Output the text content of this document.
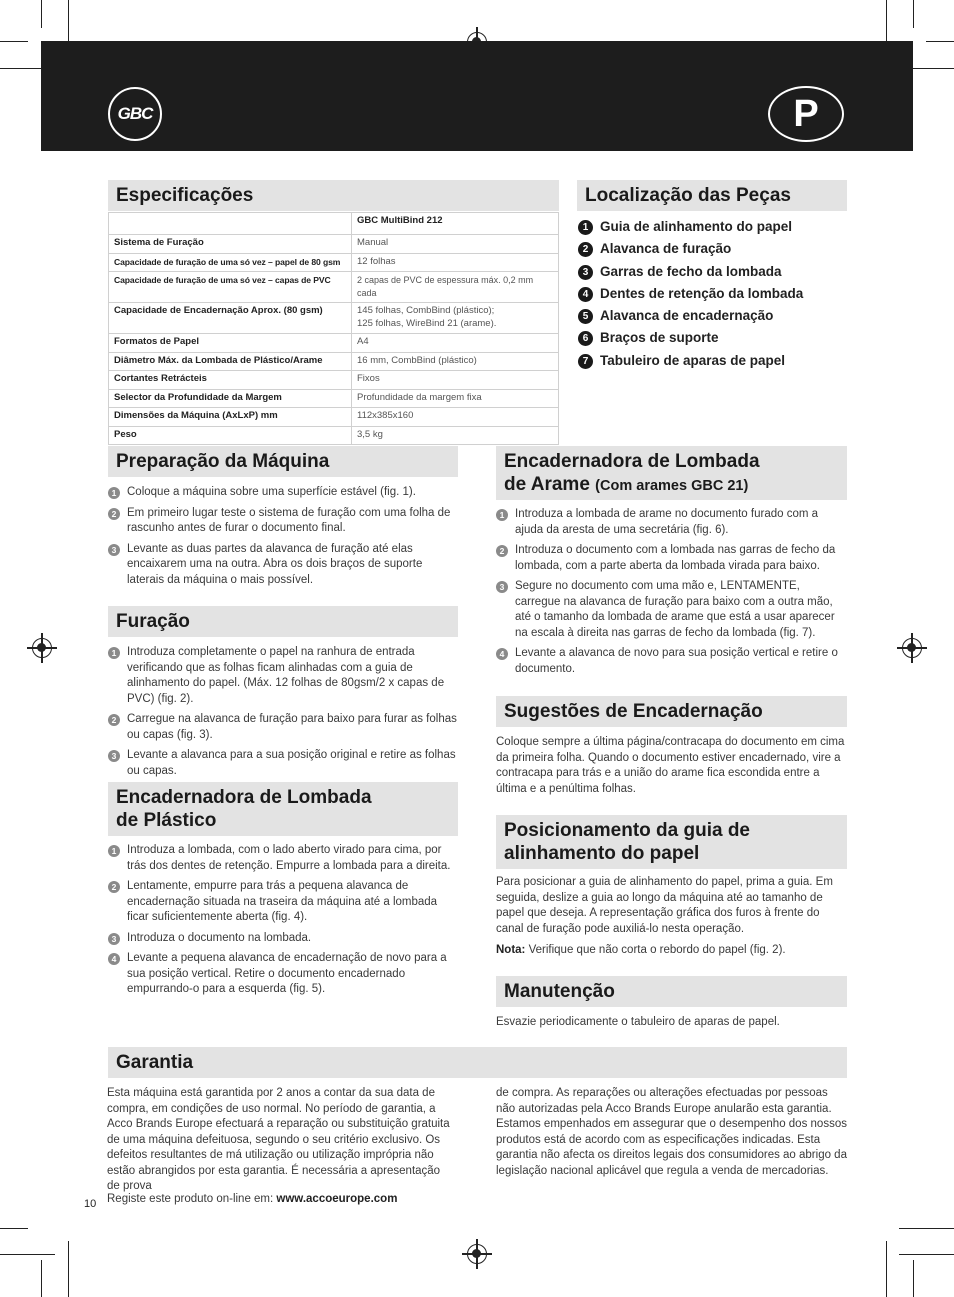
GBC	P
Especificações
	GBC MultiBind 212
Sistema de Furação	Manual
Capacidade de furação de uma só vez – papel de 80 gsm	12 folhas
Capacidade de furação de uma só vez – capas de PVC	2 capas de PVC de espessura máx. 0,2 mm cada
Capacidade de Encadernação Aprox. (80 gsm)	145 folhas, CombBind (plástico);
125 folhas, WireBind 21 (arame).

Formatos de Papel	A4
Diâmetro Máx. da Lombada de Plástico/Arame	16 mm, CombBind (plástico)
Cortantes Retrácteis	Fixos
Selector da Profundidade da Margem	Profundidade da margem fixa
Dimensões da Máquina (AxLxP) mm	112x385x160
Peso	3,5 kg
Localização das Peças
1 Guia de alinhamento do papel
2 Alavanca de furação
3 Garras de fecho da lombada
4 Dentes de retenção da lombada
5 Alavanca de encadernação
6 Braços de suporte
7 Tabuleiro de aparas de papel
Preparação da Máquina
1 Coloque a máquina sobre uma superfície estável (fig. 1).
2 Em primeiro lugar teste o sistema de furação com uma folha de rascunho antes de furar o documento final.
3 Levante as duas partes da alavanca de furação até elas encaixarem uma na outra. Abra os dois braços de suporte laterais da máquina o mais possível.
Furação
1 Introduza completamente o papel na ranhura de entrada verificando que as folhas ficam alinhadas com a guia de alinhamento do papel. (Máx. 12 folhas de 80gsm/2 x capas de PVC) (fig. 2).
2 Carregue na alavanca de furação para baixo para furar as folhas ou capas (fig. 3).
3 Levante a alavanca para a sua posição original e retire as folhas ou capas.
Encadernadora de Lombada
de Plástico
1 Introduza a lombada, com o lado aberto virado para cima, por trás dos dentes de retenção. Empurre a lombada para a direita.
2 Lentamente, empurre para trás a pequena alavanca de encadernação situada na traseira da máquina até a lombada ficar suficientemente aberta (fig. 4).
3 Introduza o documento na lombada.
4 Levante a pequena alavanca de encadernação de novo para a sua posição vertical. Retire o documento encadernado empurrando-o para a esquerda (fig. 5).
Encadernadora de Lombada
de Arame (Com arames GBC 21)
1 Introduza a lombada de arame no documento furado com a ajuda da aresta de uma secretária (fig. 6).
2 Introduza o documento com a lombada nas garras de fecho da lombada, com a parte aberta da lombada virada para baixo.
3 Segure no documento com uma mão e, LENTAMENTE, carregue na alavanca de furação para baixo com a outra mão, até o tamanho da lombada de arame que está a usar aparecer na escala à direita nas garras de fecho da lombada (fig. 7).
4 Levante a alavanca de novo para sua posição vertical e retire o documento.
Sugestões de Encadernação
Coloque sempre a última página/contracapa do documento em cima da primeira folha. Quando o documento estiver encadernado, vire a contracapa para trás e a união do arame fica escondida entre a última e a penúltima folhas.
Posicionamento da guia de
alinhamento do papel
Para posicionar a guia de alinhamento do papel, prima a guia. Em seguida, deslize a guia ao longo da máquina até ao tamanho de papel que deseja. A representação gráfica dos furos à frente do canal de furação pode auxiliá-lo nesta operação.
Nota: Verifique que não corta o rebordo do papel (fig. 2).
Manutenção
Esvazie periodicamente o tabuleiro de aparas de papel.
Garantia
Esta máquina está garantida por 2 anos a contar da sua data de compra, em condições de uso normal. No período de garantia, a Acco Brands Europe efectuará a reparação ou substituição gratuita de uma máquina defeituosa, segundo o seu critério exclusivo. Os defeitos resultantes de má utilização ou utilização imprópria não estão abrangidos por esta garantia. É necessária a apresentação de prova
de compra. As reparações ou alterações efectuadas por pessoas não autorizadas pela Acco Brands Europe anularão esta garantia. Estamos empenhados em assegurar que o desempenho dos nossos produtos está de acordo com as especificações indicadas. Esta garantia não afecta os direitos legais dos consumidores ao abrigo da legislação nacional aplicável que regula a venda de mercadorias.
Registe este produto on-line em: www.accoeurope.com
10
